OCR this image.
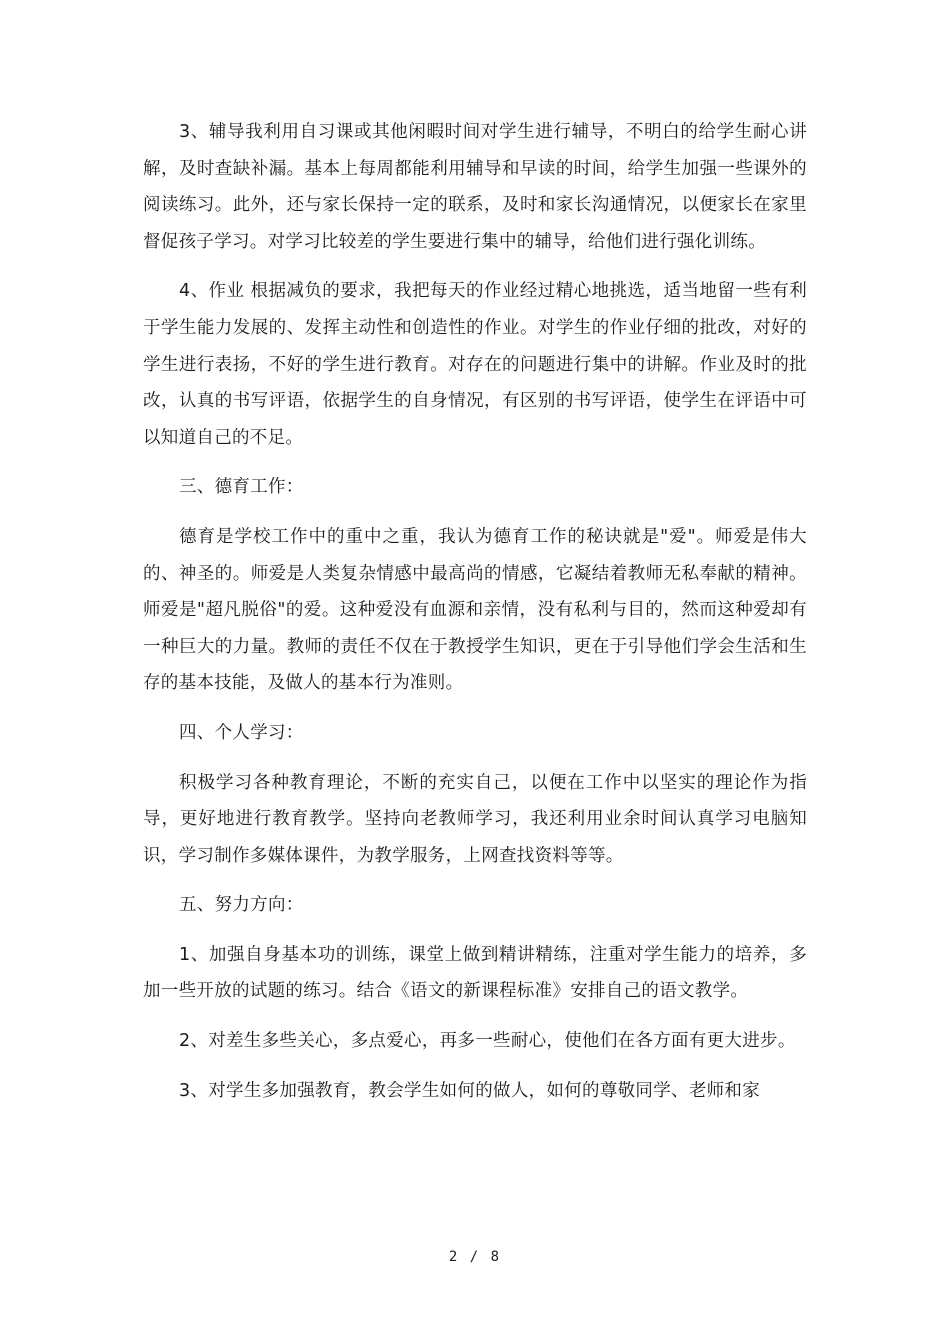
3、辅导我利用自习课或其他闲暇时间对学生进行辅导，不明白的给学生耐心讲解，及时查缺补漏。基本上每周都能利用辅导和早读的时间，给学生加强一些课外的阅读练习。此外，还与家长保持一定的联系，及时和家长沟通情况，以便家长在家里督促孩子学习。对学习比较差的学生要进行集中的辅导，给他们进行强化训练。

4、作业 根据减负的要求，我把每天的作业经过精心地挑选，适当地留一些有利于学生能力发展的、发挥主动性和创造性的作业。对学生的作业仔细的批改，对好的学生进行表扬，不好的学生进行教育。对存在的问题进行集中的讲解。作业及时的批改，认真的书写评语，依据学生的自身情况，有区别的书写评语，使学生在评语中可以知道自己的不足。

三、德育工作：

德育是学校工作中的重中之重，我认为德育工作的秘诀就是"爱"。师爱是伟大的、神圣的。师爱是人类复杂情感中最高尚的情感，它凝结着教师无私奉献的精神。师爱是"超凡脱俗"的爱。这种爱没有血源和亲情，没有私利与目的，然而这种爱却有一种巨大的力量。教师的责任不仅在于教授学生知识，更在于引导他们学会生活和生存的基本技能，及做人的基本行为准则。

四、个人学习：

积极学习各种教育理论，不断的充实自己，以便在工作中以坚实的理论作为指导，更好地进行教育教学。坚持向老教师学习，我还利用业余时间认真学习电脑知识，学习制作多媒体课件，为教学服务，上网查找资料等等。

五、努力方向：

1、加强自身基本功的训练，课堂上做到精讲精练，注重对学生能力的培养，多加一些开放的试题的练习。结合《语文的新课程标准》安排自己的语文教学。

2、对差生多些关心，多点爱心，再多一些耐心，使他们在各方面有更大进步。

3、对学生多加强教育，教会学生如何的做人，如何的尊敬同学、老师和家

2 / 8
